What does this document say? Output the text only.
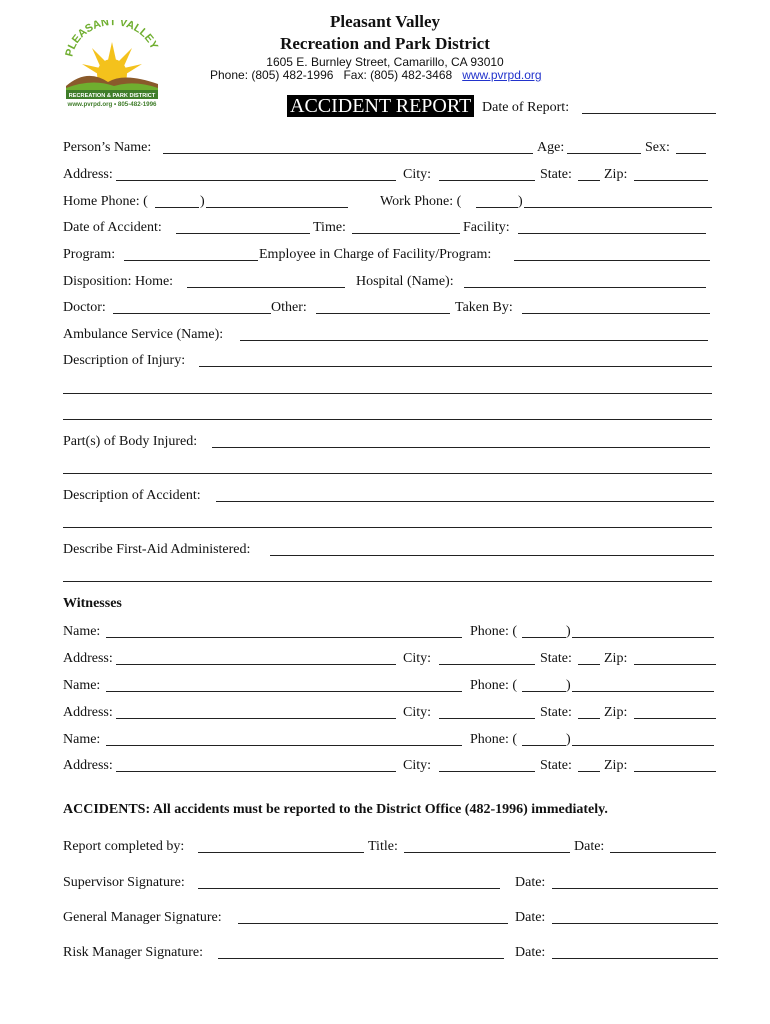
PLEASANT VALLEY
RECREATION & PARK DISTRICT
www.pvrpd.org • 805-482-1996
Pleasant Valley
Recreation and Park District
1605 E. Burnley Street, Camarillo, CA 93010
Phone: (805) 482-1996 Fax: (805) 482-3468 www.pvrpd.org
ACCIDENT REPORT Date of Report:
Person’s Name:	Age:	Sex:
Address:	City:	State: Zip:
Home Phone: (	)	Work Phone: (	)
Date of Accident:	Time:	Facility:
Program:	Employee in Charge of Facility/Program:
Disposition: Home:	Hospital (Name):
Doctor:	Other:	Taken By:
Ambulance Service (Name):
Description of Injury:
Part(s) of Body Injured:
Description of Accident:
Describe First-Aid Administered:
Witnesses
Name:	Phone: (	)
Address:	City:	State: Zip:
Name:	Phone: (	)
Address:	City:	State: Zip:
Name:	Phone: (	)
Address:	City:	State: Zip:
ACCIDENTS: All accidents must be reported to the District Office (482-1996) immediately.
Report completed by:	Title:	Date:
Supervisor Signature:	Date:
General Manager Signature:	Date:
Risk Manager Signature:	Date:
